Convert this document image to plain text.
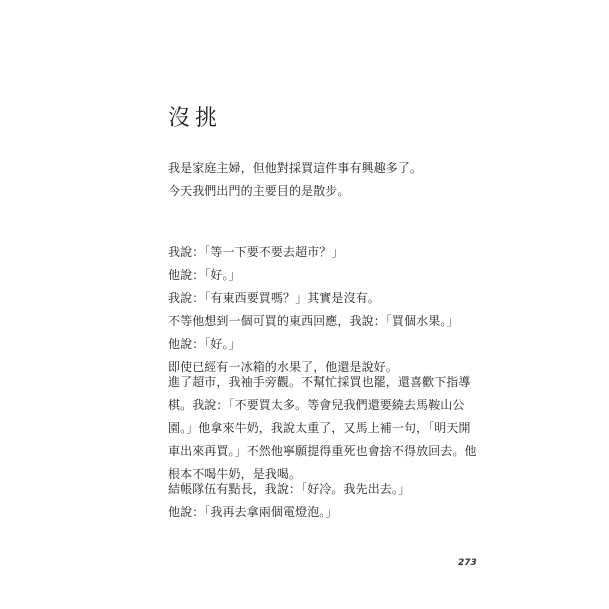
沒挑
我是家庭主婦，但他對採買這件事有興趣多了。
今天我們出門的主要目的是散步。
我說：「等一下要不要去超市？」
他說：「好。」
我說：「有東西要買嗎？」其實是沒有。
不等他想到一個可買的東西回應，我說：「買個水果。」
他說：「好。」
即使已經有一冰箱的水果了，他還是說好。
進了超市，我袖手旁觀。不幫忙採買也罷，還喜歡下指導
棋。我說：「不要買太多。等會兒我們還要繞去馬鞍山公
園。」他拿來牛奶，我說太重了，又馬上補一句，「明天開
車出來再買。」不然他寧願提得重死也會捨不得放回去。他
根本不喝牛奶，是我喝。
結帳隊伍有點長，我說：「好冷。我先出去。」
他說：「我再去拿兩個電燈泡。」
273
